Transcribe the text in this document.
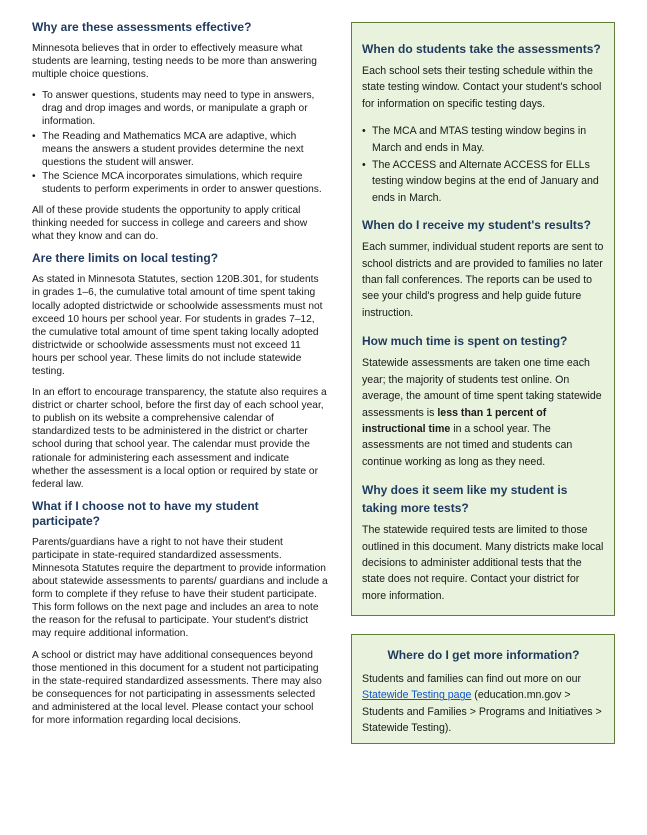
Why are these assessments effective?

Minnesota believes that in order to effectively measure what students are learning, testing needs to be more than answering multiple choice questions.

• To answer questions, students may need to type in answers, drag and drop images and words, or manipulate a graph or information.
• The Reading and Mathematics MCA are adaptive, which means the answers a student provides determine the next questions the student will answer.
• The Science MCA incorporates simulations, which require students to perform experiments in order to answer questions.

All of these provide students the opportunity to apply critical thinking needed for success in college and careers and show what they know and can do.

Are there limits on local testing?

As stated in Minnesota Statutes, section 120B.301, for students in grades 1–6, the cumulative total amount of time spent taking locally adopted districtwide or schoolwide assessments must not exceed 10 hours per school year. For students in grades 7–12, the cumulative total amount of time spent taking locally adopted districtwide or schoolwide assessments must not exceed 11 hours per school year. These limits do not include statewide testing.

In an effort to encourage transparency, the statute also requires a district or charter school, before the first day of each school year, to publish on its website a comprehensive calendar of standardized tests to be administered in the district or charter school during that school year. The calendar must provide the rationale for administering each assessment and indicate whether the assessment is a local option or required by state or federal law.

What if I choose not to have my student participate?

Parents/guardians have a right to not have their student participate in state-required standardized assessments. Minnesota Statutes require the department to provide information about statewide assessments to parents/ guardians and include a form to complete if they refuse to have their student participate. This form follows on the next page and includes an area to note the reason for the refusal to participate. Your student's district may require additional information.

A school or district may have additional consequences beyond those mentioned in this document for a student not participating in the state-required standardized assessments. There may also be consequences for not participating in assessments selected and administered at the local level. Please contact your school for more information regarding local decisions.

When do students take the assessments?

Each school sets their testing schedule within the state testing window. Contact your student's school for information on specific testing days.

• The MCA and MTAS testing window begins in March and ends in May.
• The ACCESS and Alternate ACCESS for ELLs testing window begins at the end of January and ends in March.
When do I receive my student's results?

Each summer, individual student reports are sent to school districts and are provided to families no later than fall conferences. The reports can be used to see your child's progress and help guide future instruction.

How much time is spent on testing?

Statewide assessments are taken one time each year; the majority of students test online. On average, the amount of time spent taking statewide assessments is less than 1 percent of instructional time in a school year. The assessments are not timed and students can continue working as long as they need.

Why does it seem like my student is taking more tests?

The statewide required tests are limited to those outlined in this document. Many districts make local decisions to administer additional tests that the state does not require. Contact your district for more information.

Where do I get more information?

Students and families can find out more on our Statewide Testing page (education.mn.gov > Students and Families > Programs and Initiatives > Statewide Testing).
